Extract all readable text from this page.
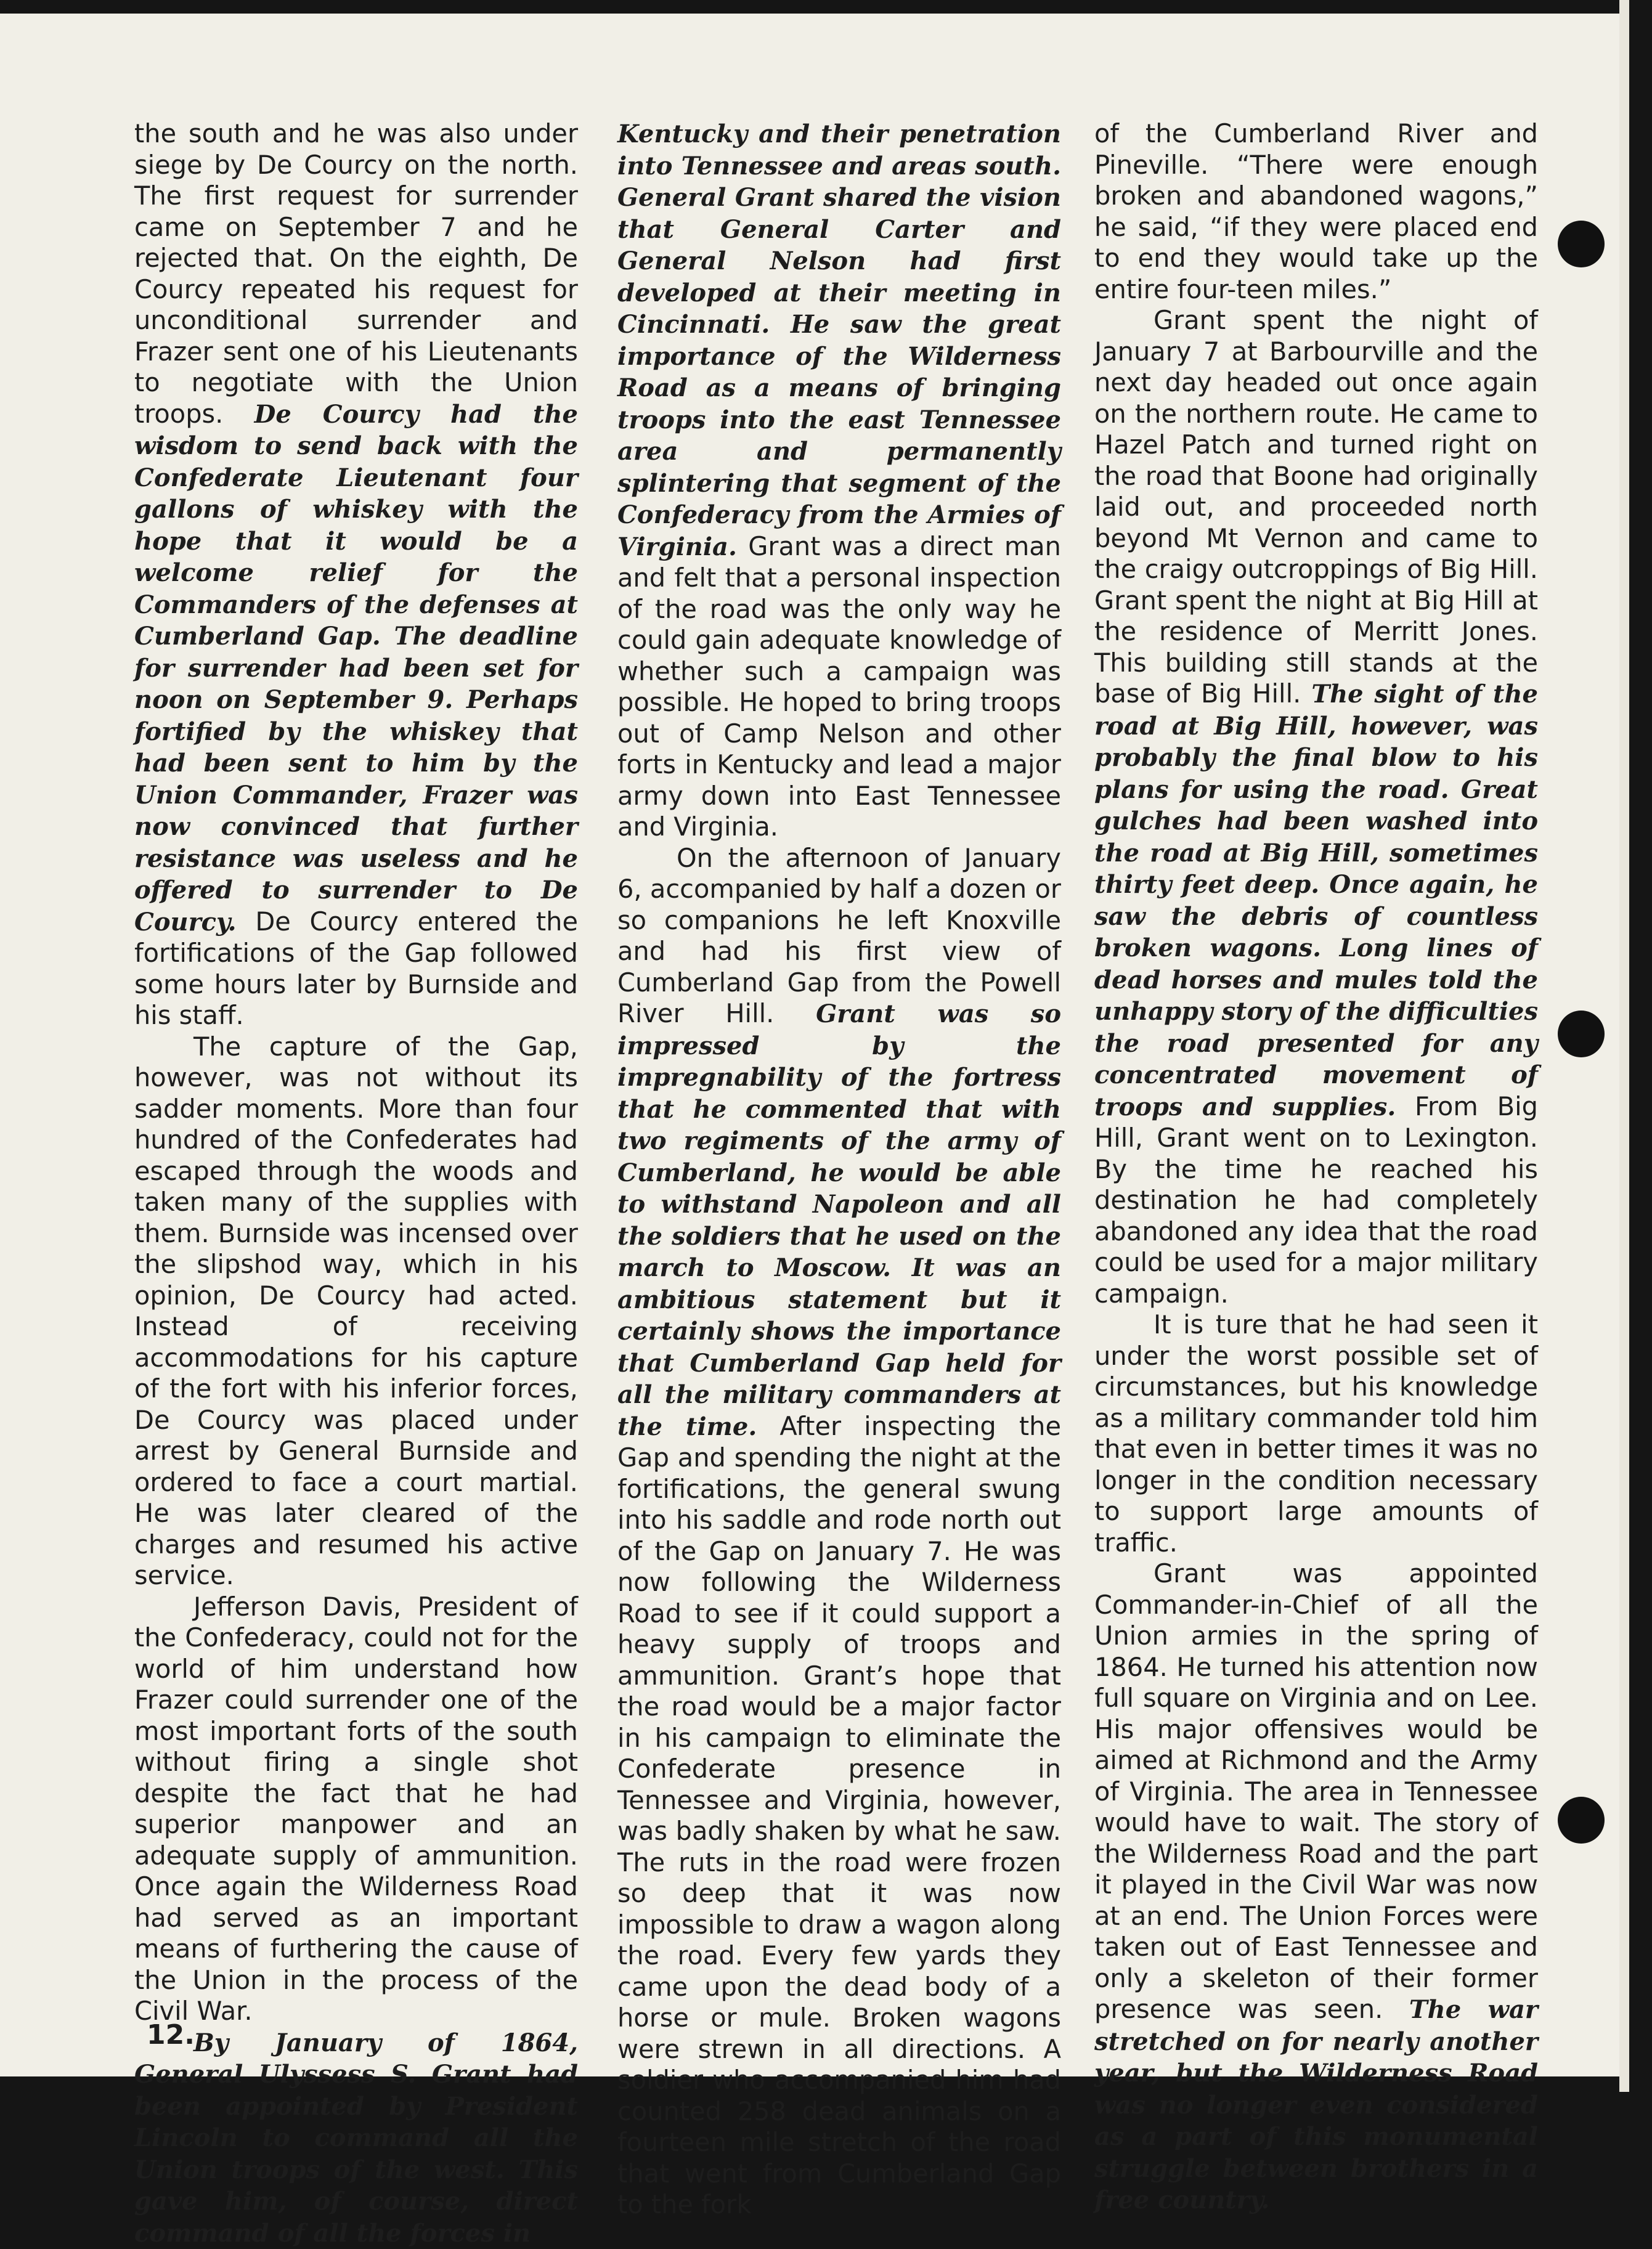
the south and he was also under siege by De Courcy on the north. The first request for surrender came on September 7 and he rejected that. On the eighth, De Courcy repeated his request for unconditional surrender and Frazer sent one of his Lieutenants to negotiate with the Union troops. De Courcy had the wisdom to send back with the Confederate Lieutenant four gallons of whiskey with the hope that it would be a welcome relief for the Commanders of the defenses at Cumberland Gap. The deadline for surrender had been set for noon on September 9. Perhaps fortified by the whiskey that had been sent to him by the Union Commander, Frazer was now convinced that further resistance was useless and he offered to surrender to De Courcy. De Courcy entered the fortifications of the Gap followed some hours later by Burnside and his staff.

The capture of the Gap, however, was not without its sadder moments. More than four hundred of the Confederates had escaped through the woods and taken many of the supplies with them. Burnside was incensed over the slipshod way, which in his opinion, De Courcy had acted. Instead of receiving accommodations for his capture of the fort with his inferior forces, De Courcy was placed under arrest by General Burnside and ordered to face a court martial. He was later cleared of the charges and resumed his active service.

Jefferson Davis, President of the Confederacy, could not for the world of him understand how Frazer could surrender one of the most important forts of the south without firing a single shot despite the fact that he had superior manpower and an adequate supply of ammunition. Once again the Wilderness Road had served as an important means of furthering the cause of the Union in the process of the Civil War.

By January of 1864, General Ulyssess S. Grant had been appointed by President Lincoln to command all the Union troops of the west. This gave him, of course, direct command of all the forces in

Kentucky and their penetration into Tennessee and areas south. General Grant shared the vision that General Carter and General Nelson had first developed at their meeting in Cincinnati. He saw the great importance of the Wilderness Road as a means of bringing troops into the east Tennessee area and permanently splintering that segment of the Confederacy from the Armies of Virginia. Grant was a direct man and felt that a personal inspection of the road was the only way he could gain adequate knowledge of whether such a campaign was possible. He hoped to bring troops out of Camp Nelson and other forts in Kentucky and lead a major army down into East Tennessee and Virginia.

On the afternoon of January 6, accompanied by half a dozen or so companions he left Knoxville and had his first view of Cumberland Gap from the Powell River Hill. Grant was so impressed by the impregnability of the fortress that he commented that with two regiments of the army of Cumberland, he would be able to withstand Napoleon and all the soldiers that he used on the march to Moscow. It was an ambitious statement but it certainly shows the importance that Cumberland Gap held for all the military commanders at the time. After inspecting the Gap and spending the night at the fortifications, the general swung into his saddle and rode north out of the Gap on January 7. He was now following the Wilderness Road to see if it could support a heavy supply of troops and ammunition. Grant’s hope that the road would be a major factor in his campaign to eliminate the Confederate presence in Tennessee and Virginia, however, was badly shaken by what he saw. The ruts in the road were frozen so deep that it was now impossible to draw a wagon along the road. Every few yards they came upon the dead body of a horse or mule. Broken wagons were strewn in all directions. A soldier who accompanied him had counted 258 dead animals on a fourteen mile stretch of the road that went from Cumberland Gap to the fork

of the Cumberland River and Pineville. “There were enough broken and abandoned wagons,” he said, “if they were placed end to end they would take up the entire four-teen miles.”

Grant spent the night of January 7 at Barbourville and the next day headed out once again on the northern route. He came to Hazel Patch and turned right on the road that Boone had originally laid out, and proceeded north beyond Mt Vernon and came to the craigy outcroppings of Big Hill. Grant spent the night at Big Hill at the residence of Merritt Jones. This building still stands at the base of Big Hill. The sight of the road at Big Hill, however, was probably the final blow to his plans for using the road. Great gulches had been washed into the road at Big Hill, sometimes thirty feet deep. Once again, he saw the debris of countless broken wagons. Long lines of dead horses and mules told the unhappy story of the difficulties the road presented for any concentrated movement of troops and supplies. From Big Hill, Grant went on to Lexington. By the time he reached his destination he had completely abandoned any idea that the road could be used for a major military campaign.

It is ture that he had seen it under the worst possible set of circumstances, but his knowledge as a military commander told him that even in better times it was no longer in the condition necessary to support large amounts of traffic.

Grant was appointed Commander-in-Chief of all the Union armies in the spring of 1864. He turned his attention now full square on Virginia and on Lee. His major offensives would be aimed at Richmond and the Army of Virginia. The area in Tennessee would have to wait. The story of the Wilderness Road and the part it played in the Civil War was now at an end. The Union Forces were taken out of East Tennessee and only a skeleton of their former presence was seen. The war stretched on for nearly another year, but the Wilderness Road was no longer even considered as a part of this monumental struggle between brothers in a free country.

12.
